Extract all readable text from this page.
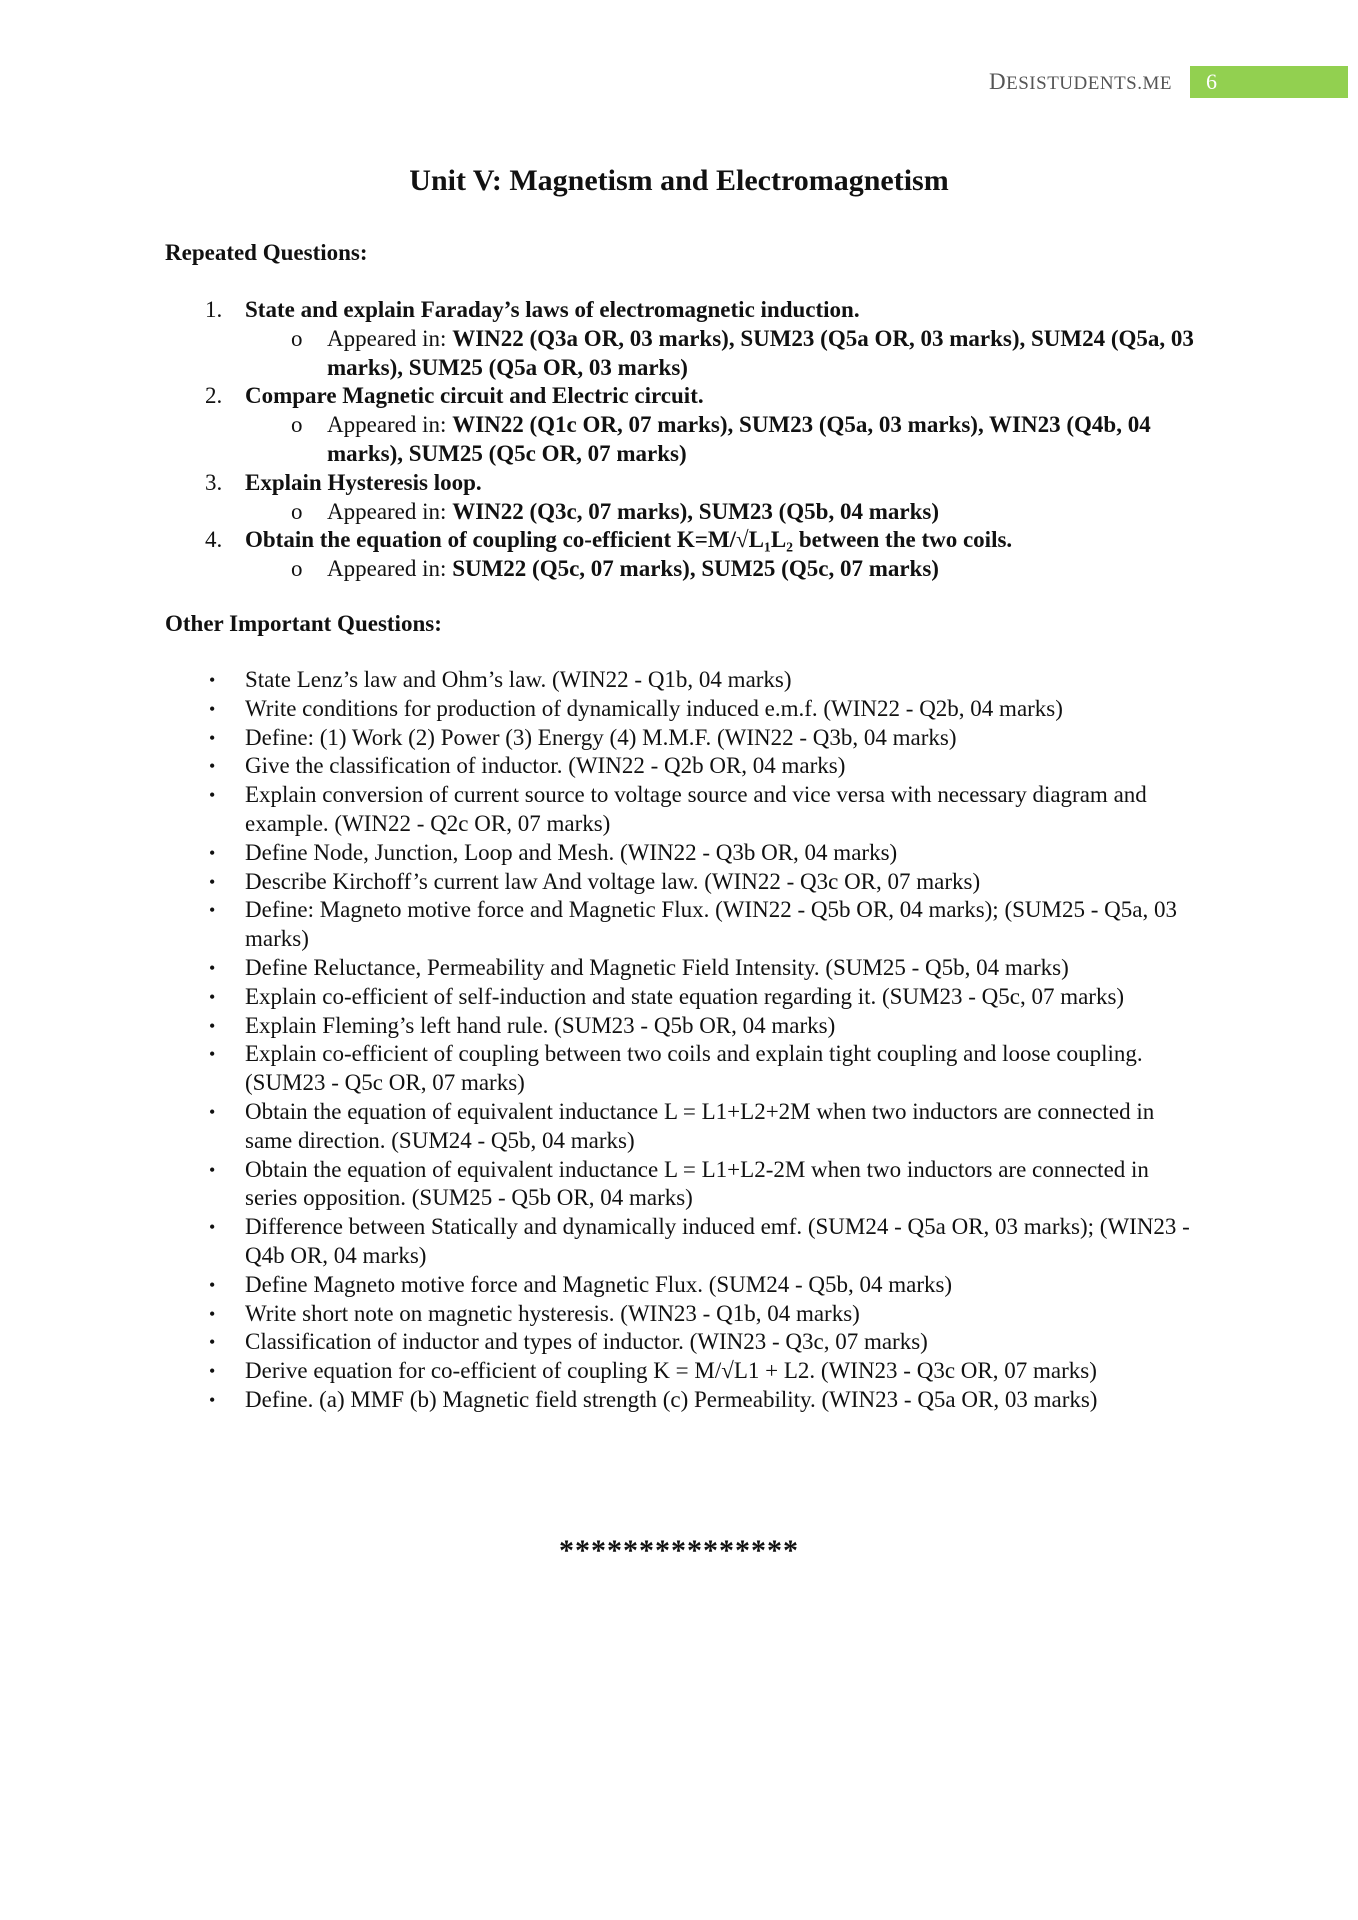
DESISTUDENTS.ME	6
Unit V: Magnetism and Electromagnetism
Repeated Questions:
1. State and explain Faraday’s laws of electromagnetic induction.
o Appeared in: WIN22 (Q3a OR, 03 marks), SUM23 (Q5a OR, 03 marks), SUM24 (Q5a, 03 marks), SUM25 (Q5a OR, 03 marks)
2. Compare Magnetic circuit and Electric circuit.
o Appeared in: WIN22 (Q1c OR, 07 marks), SUM23 (Q5a, 03 marks), WIN23 (Q4b, 04 marks), SUM25 (Q5c OR, 07 marks)
3. Explain Hysteresis loop.
o Appeared in: WIN22 (Q3c, 07 marks), SUM23 (Q5b, 04 marks)
4. Obtain the equation of coupling co-efficient K=M/√L₁L₂ between the two coils.
o Appeared in: SUM22 (Q5c, 07 marks), SUM25 (Q5c, 07 marks)
Other Important Questions:
• State Lenz’s law and Ohm’s law. (WIN22 - Q1b, 04 marks)
• Write conditions for production of dynamically induced e.m.f. (WIN22 - Q2b, 04 marks)
• Define: (1) Work (2) Power (3) Energy (4) M.M.F. (WIN22 - Q3b, 04 marks)
• Give the classification of inductor. (WIN22 - Q2b OR, 04 marks)
• Explain conversion of current source to voltage source and vice versa with necessary diagram and example. (WIN22 - Q2c OR, 07 marks)
• Define Node, Junction, Loop and Mesh. (WIN22 - Q3b OR, 04 marks)
• Describe Kirchoff’s current law And voltage law. (WIN22 - Q3c OR, 07 marks)
• Define: Magneto motive force and Magnetic Flux. (WIN22 - Q5b OR, 04 marks); (SUM25 - Q5a, 03 marks)
• Define Reluctance, Permeability and Magnetic Field Intensity. (SUM25 - Q5b, 04 marks)
• Explain co-efficient of self-induction and state equation regarding it. (SUM23 - Q5c, 07 marks)
• Explain Fleming’s left hand rule. (SUM23 - Q5b OR, 04 marks)
• Explain co-efficient of coupling between two coils and explain tight coupling and loose coupling. (SUM23 - Q5c OR, 07 marks)
• Obtain the equation of equivalent inductance L = L1+L2+2M when two inductors are connected in same direction. (SUM24 - Q5b, 04 marks)
• Obtain the equation of equivalent inductance L = L1+L2-2M when two inductors are connected in series opposition. (SUM25 - Q5b OR, 04 marks)
• Difference between Statically and dynamically induced emf. (SUM24 - Q5a OR, 03 marks); (WIN23 - Q4b OR, 04 marks)
• Define Magneto motive force and Magnetic Flux. (SUM24 - Q5b, 04 marks)
• Write short note on magnetic hysteresis. (WIN23 - Q1b, 04 marks)
• Classification of inductor and types of inductor. (WIN23 - Q3c, 07 marks)
• Derive equation for co-efficient of coupling K = M/√L1 + L2. (WIN23 - Q3c OR, 07 marks)
• Define. (a) MMF (b) Magnetic field strength (c) Permeability. (WIN23 - Q5a OR, 03 marks)
***************
